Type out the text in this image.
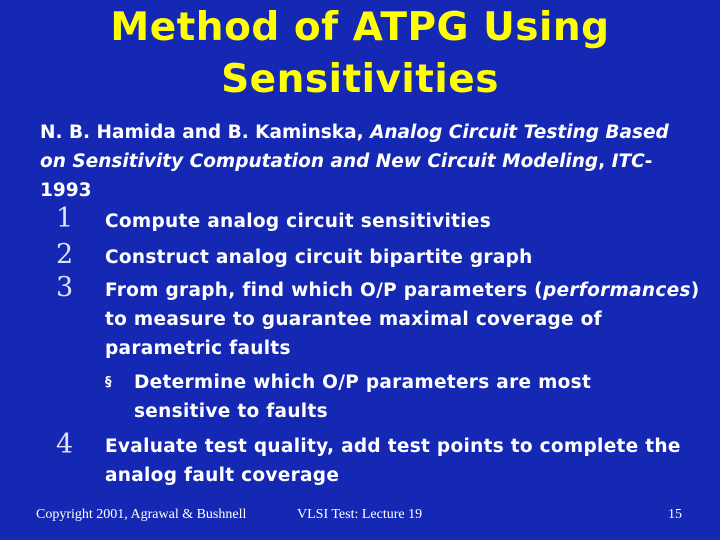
Method of ATPG Using
Sensitivities
N. B. Hamida and B. Kaminska, Analog Circuit Testing Based on Sensitivity Computation and New Circuit Modeling, ITC-1993
1	Compute analog circuit sensitivities
2	Construct analog circuit bipartite graph
3	From graph, find which O/P parameters (performances) to measure to guarantee maximal coverage of parametric faults
§ Determine which O/P parameters are most sensitive to faults
4	Evaluate test quality, add test points to complete the analog fault coverage
Copyright 2001, Agrawal & Bushnell	VLSI Test: Lecture 19	15
